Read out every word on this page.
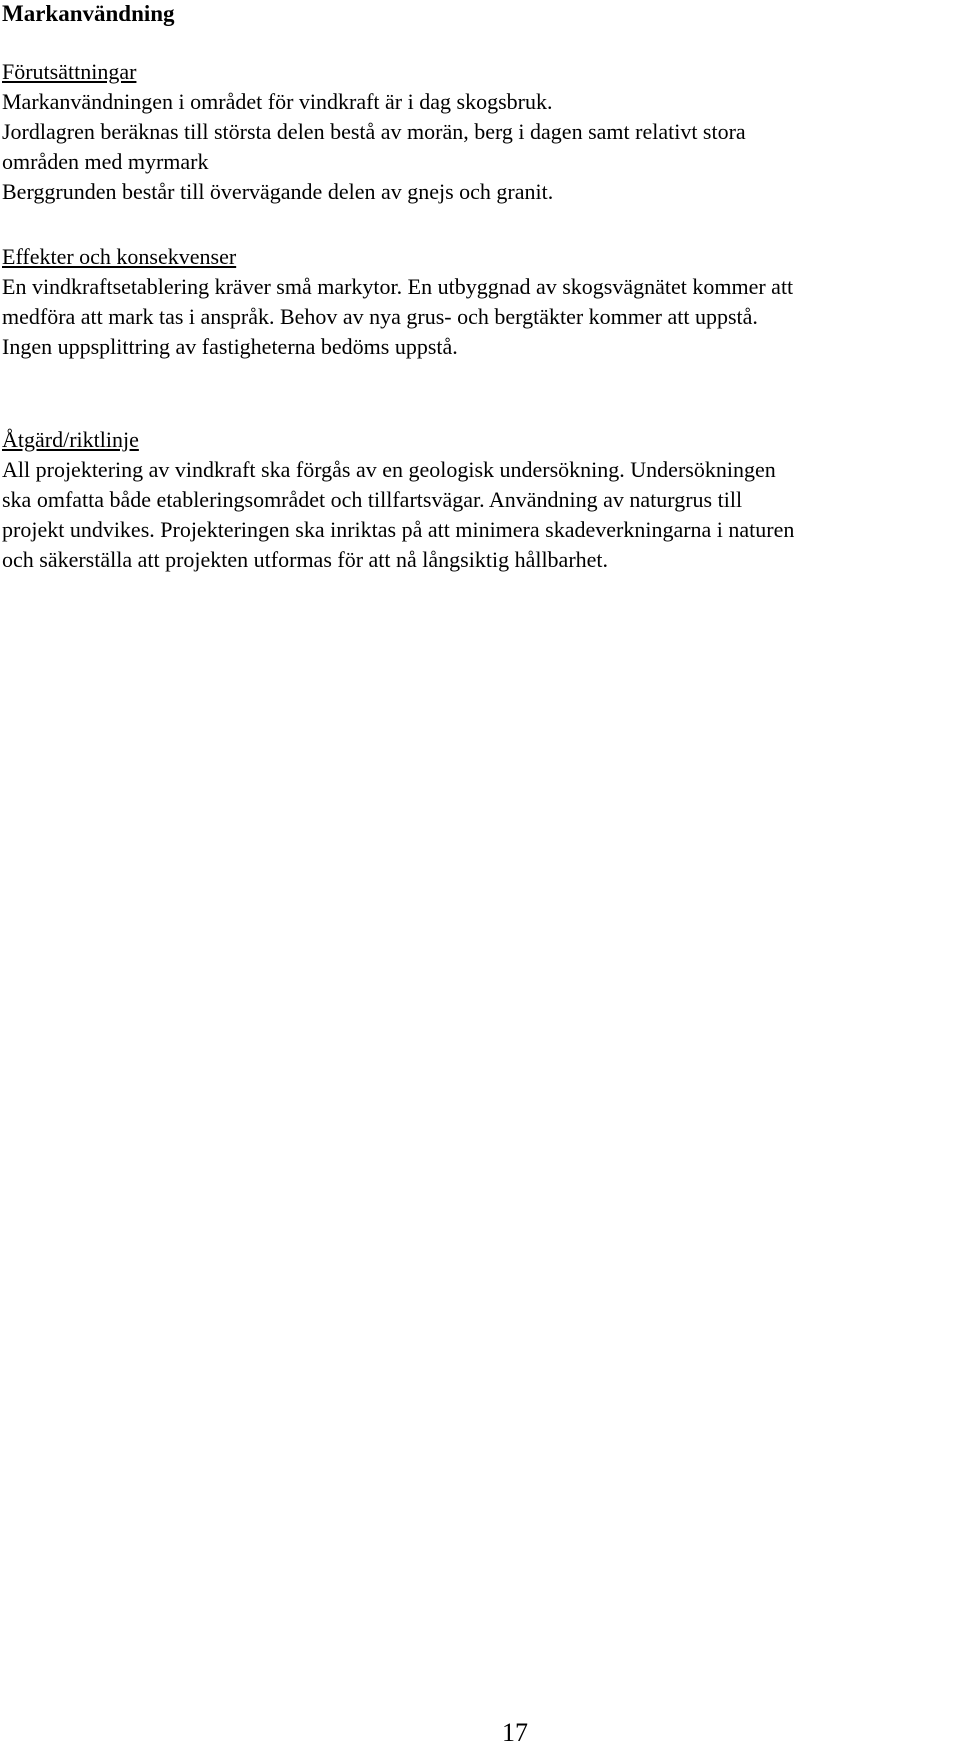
Markanvändning
Förutsättningar
Markanvändningen i området för vindkraft är i dag skogsbruk.
Jordlagren beräknas till största delen bestå av morän, berg i dagen samt relativt stora
områden med myrmark
Berggrunden består till övervägande delen av gnejs och granit.
Effekter och konsekvenser
En vindkraftsetablering kräver små markytor. En utbyggnad av skogsvägnätet kommer att
medföra att mark tas i anspråk. Behov av nya grus- och bergtäkter kommer att uppstå.
Ingen uppsplittring av fastigheterna bedöms uppstå.
Åtgärd/riktlinje
All projektering av vindkraft ska förgås av en geologisk undersökning. Undersökningen
ska omfatta både etableringsområdet och tillfartsvägar. Användning av naturgrus till
projekt undvikes. Projekteringen ska inriktas på att minimera skadeverkningarna i naturen
och säkerställa att projekten utformas för att nå långsiktig hållbarhet.

17
